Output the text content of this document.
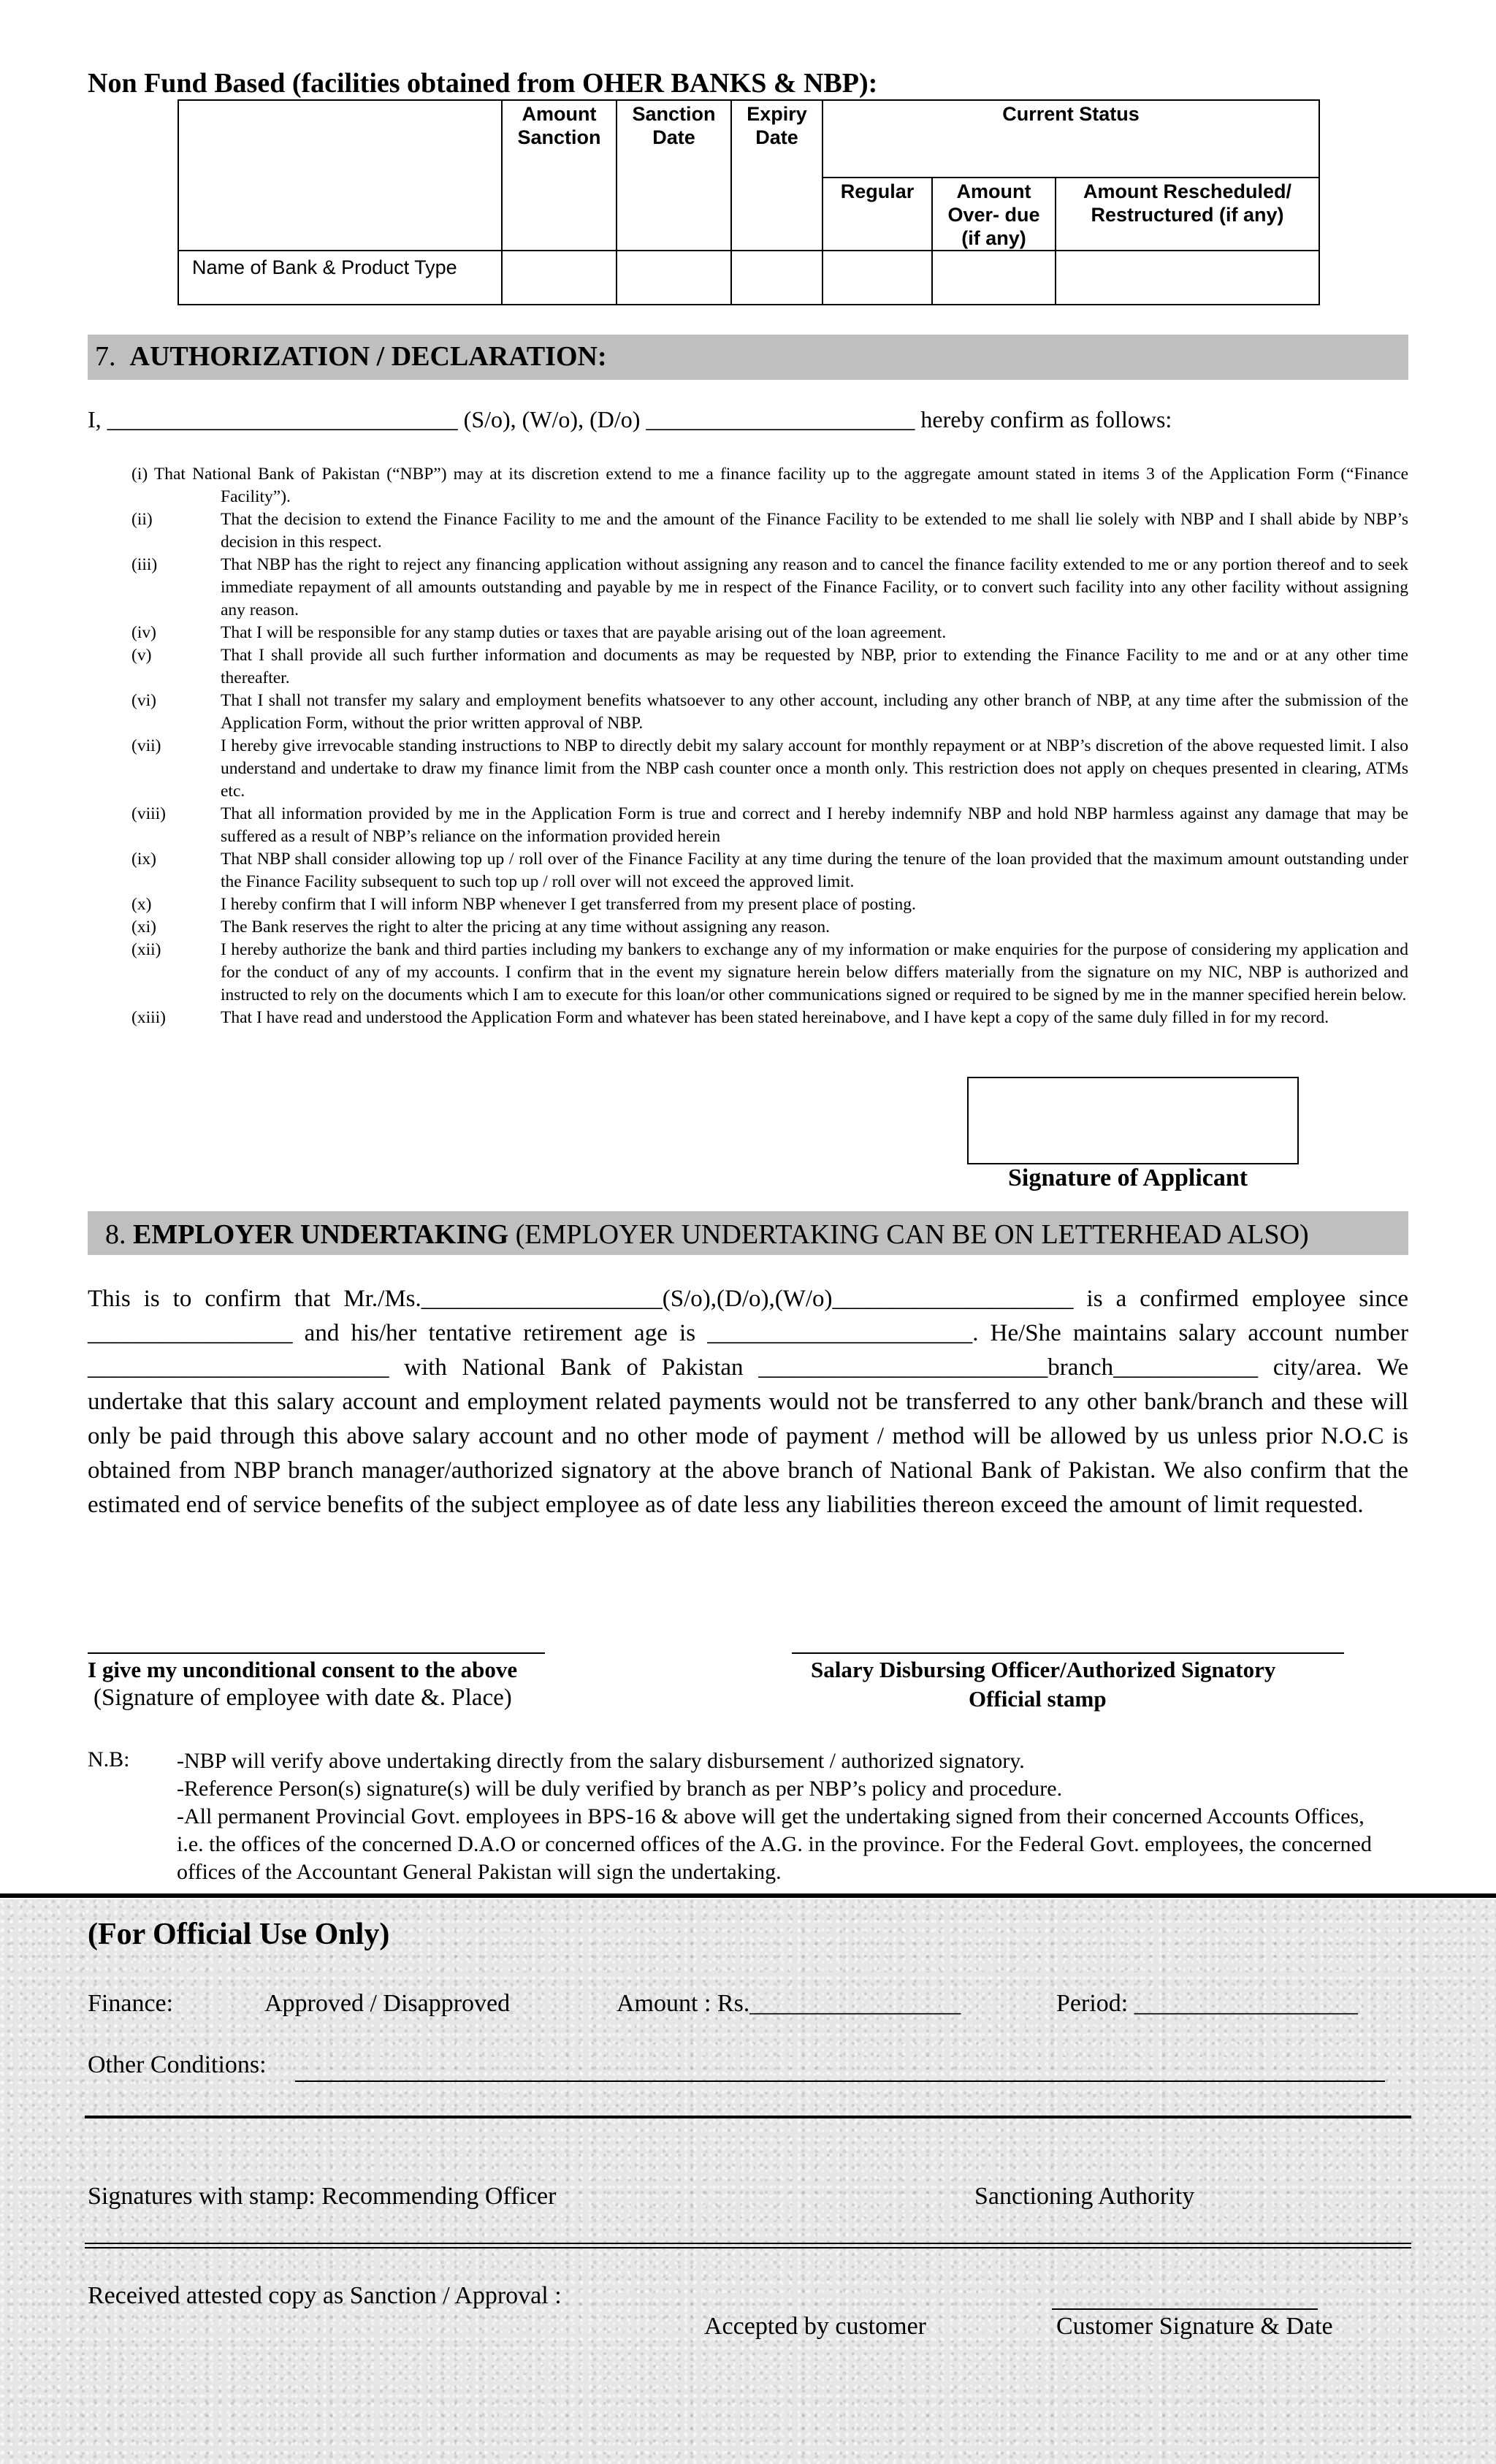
Non Fund Based (facilities obtained from OHER BANKS & NBP):
	Amount Sanction	Sanction Date	Expiry Date	Current Status		
				Regular	Amount Over- due (if any)	Amount Rescheduled/ Restructured (if any)
Name of Bank & Product Type						
7. AUTHORIZATION / DECLARATION:
I, ______________________________ (S/o), (W/o), (D/o) _______________________ hereby confirm as follows:
(i) That National Bank of Pakistan (“NBP”) may at its discretion extend to me a finance facility up to the aggregate amount stated in items 3 of the Application Form (“Finance Facility”).
(ii)	That the decision to extend the Finance Facility to me and the amount of the Finance Facility to be extended to me shall lie solely with NBP and I shall abide by NBP’s decision in this respect.
(iii)	That NBP has the right to reject any financing application without assigning any reason and to cancel the finance facility extended to me or any portion thereof and to seek immediate repayment of all amounts outstanding and payable by me in respect of the Finance Facility, or to convert such facility into any other facility without assigning any reason.
(iv)	That I will be responsible for any stamp duties or taxes that are payable arising out of the loan agreement.
(v)	That I shall provide all such further information and documents as may be requested by NBP, prior to extending the Finance Facility to me and or at any other time thereafter.
(vi)	That I shall not transfer my salary and employment benefits whatsoever to any other account, including any other branch of NBP, at any time after the submission of the Application Form, without the prior written approval of NBP.
(vii)	I hereby give irrevocable standing instructions to NBP to directly debit my salary account for monthly repayment or at NBP’s discretion of the above requested limit. I also understand and undertake to draw my finance limit from the NBP cash counter once a month only. This restriction does not apply on cheques presented in clearing, ATMs etc.
(viii)	That all information provided by me in the Application Form is true and correct and I hereby indemnify NBP and hold NBP harmless against any damage that may be suffered as a result of NBP’s reliance on the information provided herein
(ix)	That NBP shall consider allowing top up / roll over of the Finance Facility at any time during the tenure of the loan provided that the maximum amount outstanding under the Finance Facility subsequent to such top up / roll over will not exceed the approved limit.
(x)	I hereby confirm that I will inform NBP whenever I get transferred from my present place of posting.
(xi)	The Bank reserves the right to alter the pricing at any time without assigning any reason.
(xii)	I hereby authorize the bank and third parties including my bankers to exchange any of my information or make enquiries for the purpose of considering my application and for the conduct of any of my accounts. I confirm that in the event my signature herein below differs materially from the signature on my NIC, NBP is authorized and instructed to rely on the documents which I am to execute for this loan/or other communications signed or required to be signed by me in the manner specified herein below.
(xiii)	That I have read and understood the Application Form and whatever has been stated hereinabove, and I have kept a copy of the same duly filled in for my record.
Signature of Applicant
8. EMPLOYER UNDERTAKING (EMPLOYER UNDERTAKING CAN BE ON LETTERHEAD ALSO)
This is to confirm that Mr./Ms.____________________(S/o),(D/o),(W/o)____________________ is a confirmed employee since _________________ and his/her tentative retirement age is ______________________. He/She maintains salary account number _________________________ with National Bank of Pakistan ________________________branch____________ city/area. We undertake that this salary account and employment related payments would not be transferred to any other bank/branch and these will only be paid through this above salary account and no other mode of payment / method will be allowed by us unless prior N.O.C is obtained from NBP branch manager/authorized signatory at the above branch of National Bank of Pakistan. We also confirm that the estimated end of service benefits of the subject employee as of date less any liabilities thereon exceed the amount of limit requested.
I give my unconditional consent to the above
(Signature of employee with date &. Place)
Salary Disbursing Officer/Authorized Signatory
Official stamp
N.B: -NBP will verify above undertaking directly from the salary disbursement / authorized signatory.
-Reference Person(s) signature(s) will be duly verified by branch as per NBP’s policy and procedure.
-All permanent Provincial Govt. employees in BPS-16 & above will get the undertaking signed from their concerned Accounts Offices, i.e. the offices of the concerned D.A.O or concerned offices of the A.G. in the province. For the Federal Govt. employees, the concerned offices of the Accountant General Pakistan will sign the undertaking.
(For Official Use Only)
Finance:	Approved / Disapproved	Amount : Rs._________________	Period: __________________
Other Conditions:
Signatures with stamp: Recommending Officer	Sanctioning Authority
Received attested copy as Sanction / Approval :
Accepted by customer	Customer Signature & Date
